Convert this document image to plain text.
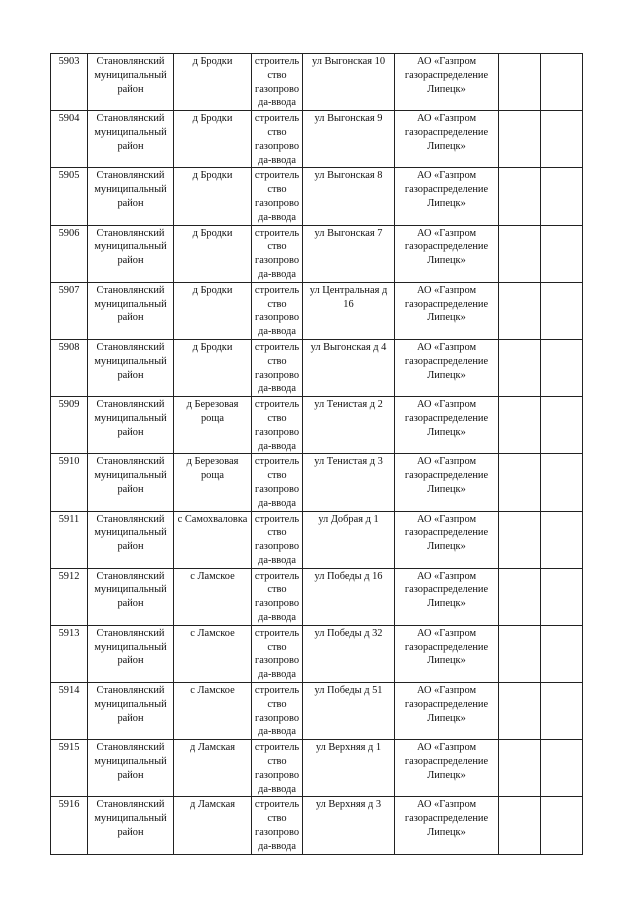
5903	Становлянский муниципальный район	д Бродки	строитель
ство
газопрово
да-ввода	ул Выгонская 10	АО «Газпром газораспределение Липецк»		
5904	Становлянский муниципальный район	д Бродки	строитель
ство
газопрово
да-ввода	ул Выгонская 9	АО «Газпром газораспределение Липецк»		
5905	Становлянский муниципальный район	д Бродки	строитель
ство
газопрово
да-ввода	ул Выгонская 8	АО «Газпром газораспределение Липецк»		
5906	Становлянский муниципальный район	д Бродки	строитель
ство
газопрово
да-ввода	ул Выгонская 7	АО «Газпром газораспределение Липецк»		
5907	Становлянский муниципальный район	д Бродки	строитель
ство
газопрово
да-ввода	ул Центральная д 16	АО «Газпром газораспределение Липецк»		
5908	Становлянский муниципальный район	д Бродки	строитель
ство
газопрово
да-ввода	ул Выгонская д 4	АО «Газпром газораспределение Липецк»		
5909	Становлянский муниципальный район	д Березовая роща	строитель
ство
газопрово
да-ввода	ул Тенистая д 2	АО «Газпром газораспределение Липецк»		
5910	Становлянский муниципальный район	д Березовая роща	строитель
ство
газопрово
да-ввода	ул Тенистая д 3	АО «Газпром газораспределение Липецк»		
5911	Становлянский муниципальный район	с Самохваловка	строитель
ство
газопрово
да-ввода	ул Добрая д 1	АО «Газпром газораспределение Липецк»		
5912	Становлянский муниципальный район	с Ламское	строитель
ство
газопрово
да-ввода	ул Победы д 16	АО «Газпром газораспределение Липецк»		
5913	Становлянский муниципальный район	с Ламское	строитель
ство
газопрово
да-ввода	ул Победы д 32	АО «Газпром газораспределение Липецк»		
5914	Становлянский муниципальный район	с Ламское	строитель
ство
газопрово
да-ввода	ул Победы д 51	АО «Газпром газораспределение Липецк»		
5915	Становлянский муниципальный район	д Ламская	строитель
ство
газопрово
да-ввода	ул Верхняя д 1	АО «Газпром газораспределение Липецк»		
5916	Становлянский муниципальный район	д Ламская	строитель
ство
газопрово
да-ввода	ул Верхняя д 3	АО «Газпром газораспределение Липецк»		
